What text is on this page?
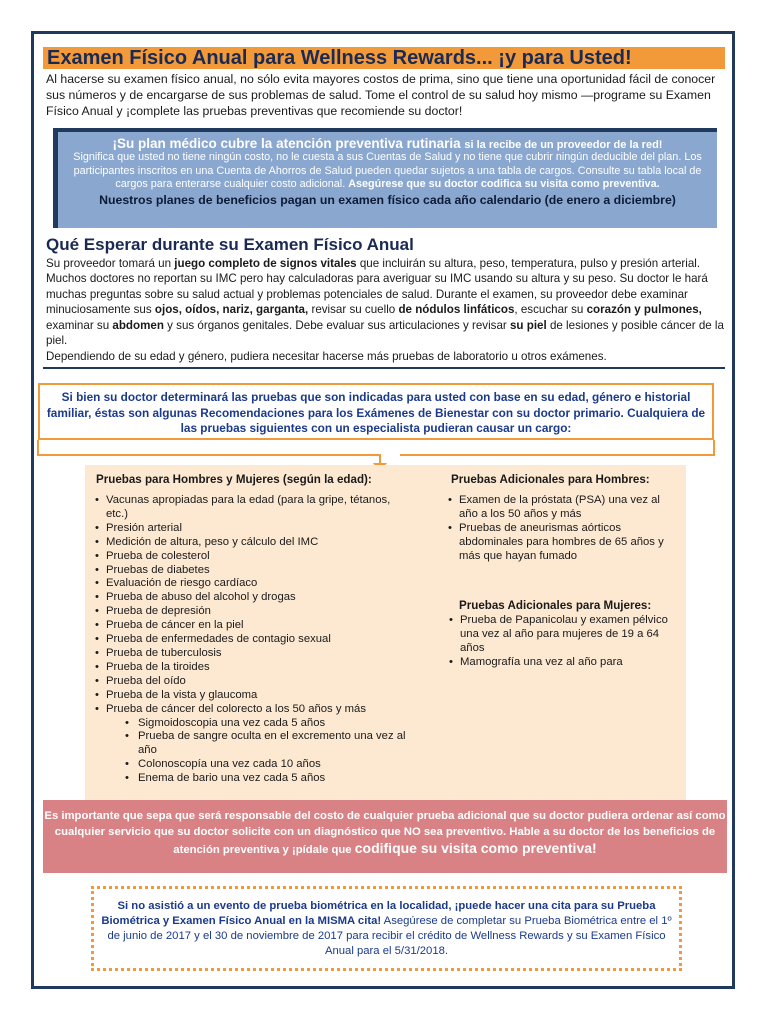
Examen Físico Anual para Wellness Rewards... ¡y para Usted!
Al hacerse su examen físico anual, no sólo evita mayores costos de prima, sino que tiene una oportunidad fácil de conocer sus números y de encargarse de sus problemas de salud. Tome el control de su salud hoy mismo —programe su Examen Físico Anual y ¡complete las pruebas preventivas que recomiende su doctor!
¡Su plan médico cubre la atención preventiva rutinaria si la recibe de un proveedor de la red!
Significa que usted no tiene ningún costo, no le cuesta a sus Cuentas de Salud y no tiene que cubrir ningún deducible del plan. Los participantes inscritos en una Cuenta de Ahorros de Salud pueden quedar sujetos a una tabla de cargos. Consulte su tabla local de cargos para enterarse cualquier costo adicional. Asegúrese que su doctor codifica su visita como preventiva.
Nuestros planes de beneficios pagan un examen físico cada año calendario (de enero a diciembre)
Qué Esperar durante su Examen Físico Anual
Su proveedor tomará un juego completo de signos vitales que incluirán su altura, peso, temperatura, pulso y presión arterial. Muchos doctores no reportan su IMC pero hay calculadoras para averiguar su IMC usando su altura y su peso. Su doctor le hará muchas preguntas sobre su salud actual y problemas potenciales de salud. Durante el examen, su proveedor debe examinar minuciosamente sus ojos, oídos, nariz, garganta, revisar su cuello de nódulos linfáticos, escuchar su corazón y pulmones, examinar su abdomen y sus órganos genitales. Debe evaluar sus articulaciones y revisar su piel de lesiones y posible cáncer de la piel.
Dependiendo de su edad y género, pudiera necesitar hacerse más pruebas de laboratorio u otros exámenes.
Si bien su doctor determinará las pruebas que son indicadas para usted con base en su edad, género e historial familiar, éstas son algunas Recomendaciones para los Exámenes de Bienestar con su doctor primario. Cualquiera de las pruebas siguientes con un especialista pudieran causar un cargo:
Pruebas para Hombres y Mujeres (según la edad):
• Vacunas apropiadas para la edad (para la gripe, tétanos, etc.)
• Presión arterial
• Medición de altura, peso y cálculo del IMC
• Prueba de colesterol
• Pruebas de diabetes
• Evaluación de riesgo cardíaco
• Prueba de abuso del alcohol y drogas
• Prueba de depresión
• Prueba de cáncer en la piel
• Prueba de enfermedades de contagio sexual
• Prueba de tuberculosis
• Prueba de la tiroides
• Prueba del oído
• Prueba de la vista y glaucoma
• Prueba de cáncer del colorecto a los 50 años y más
• Sigmoidoscopia una vez cada 5 años
• Prueba de sangre oculta en el excremento una vez al año
• Colonoscopía una vez cada 10 años
• Enema de bario una vez cada 5 años
Pruebas Adicionales para Hombres:
• Examen de la próstata (PSA) una vez al año a los 50 años y más
• Pruebas de aneurismas aórticos abdominales para hombres de 65 años y más que hayan fumado
Pruebas Adicionales para Mujeres:
• Prueba de Papanicolau y examen pélvico una vez al año para mujeres de 19 a 64 años
• Mamografía una vez al año para
Es importante que sepa que será responsable del costo de cualquier prueba adicional que su doctor pudiera ordenar así como cualquier servicio que su doctor solicite con un diagnóstico que NO sea preventivo. Hable a su doctor de los beneficios de atención preventiva y ¡pídale que codifique su visita como preventiva!
Si no asistió a un evento de prueba biométrica en la localidad, ¡puede hacer una cita para su Prueba Biométrica y Examen Físico Anual en la MISMA cita! Asegúrese de completar su Prueba Biométrica entre el 1º de junio de 2017 y el 30 de noviembre de 2017 para recibir el crédito de Wellness Rewards y su Examen Físico Anual para el 5/31/2018.
